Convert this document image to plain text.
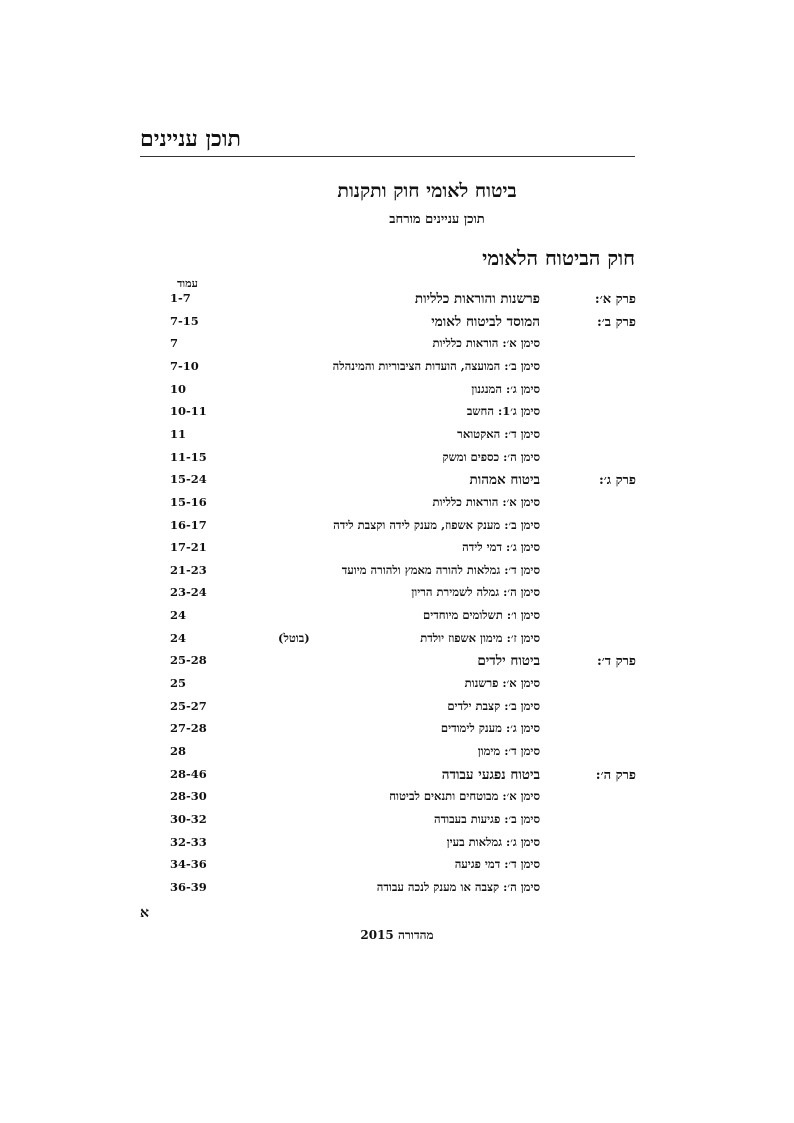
תוכן עניינים
ביטוח לאומי חוק ותקנות
תוכן עניינים מורחב
חוק הביטוח הלאומי
עמוד
פרק א׳:
פרשנות והוראות כלליות
1-7
פרק ב׳:
המוסד לביטוח לאומי
7-15
סימן א׳: הוראות כלליות
7
סימן ב׳: המועצה, הועדות הציבוריות והמינהלה
7-10
סימן ג׳: המנגנון
10
סימן ג׳1: החשב
10-11
סימן ד׳: האקטואר
11
סימן ה׳: כספים ומשק
11-15
פרק ג׳:
ביטוח אמהות
15-24
סימן א׳: הוראות כלליות
15-16
סימן ב׳: מענק אשפוז, מענק לידה וקצבת לידה
16-17
סימן ג׳: דמי לידה
17-21
סימן ד׳: גמלאות להורה מאמץ ולהורה מיועד
21-23
סימן ה׳: גמלה לשמירת הריון
23-24
סימן ו׳: תשלומים מיוחדים
24
סימן ז׳: מימון אשפוז יולדת
(בוטל)
24
פרק ד׳:
ביטוח ילדים
25-28
סימן א׳: פרשנות
25
סימן ב׳: קצבת ילדים
25-27
סימן ג׳: מענק לימודים
27-28
סימן ד׳: מימון
28
פרק ה׳:
ביטוח נפגעי עבודה
28-46
סימן א׳: מבוטחים ותנאים לביטוח
28-30
סימן ב׳: פגיעות בעבודה
30-32
סימן ג׳: גמלאות בעין
32-33
סימן ד׳: דמי פגיעה
34-36
סימן ה׳: קצבה או מענק לנכה עבודה
36-39
א
מהדורה 2015
